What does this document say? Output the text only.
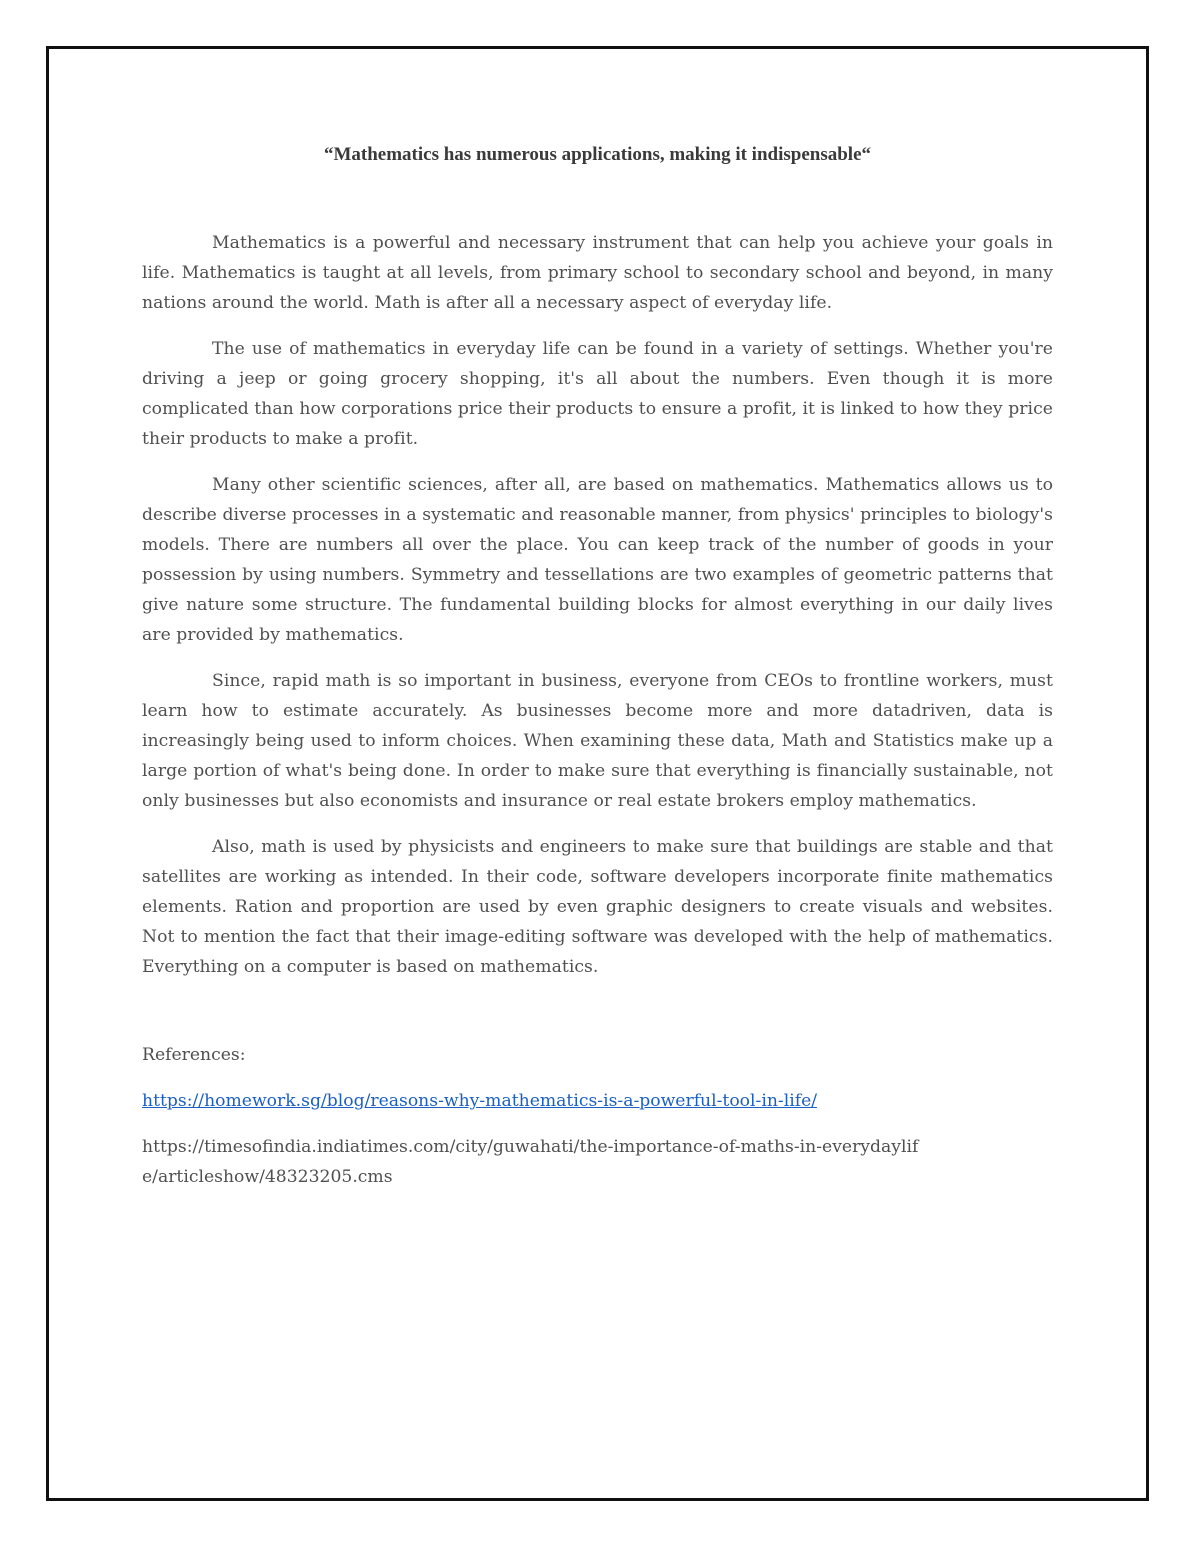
“Mathematics has numerous applications, making it indispensable“

Mathematics is a powerful and necessary instrument that can help you achieve your goals in life. Mathematics is taught at all levels, from primary school to secondary school and beyond, in many nations around the world. Math is after all a necessary aspect of everyday life.

The use of mathematics in everyday life can be found in a variety of settings. Whether you're driving a jeep or going grocery shopping, it's all about the numbers. Even though it is more complicated than how corporations price their products to ensure a profit, it is linked to how they price their products to make a profit.

Many other scientific sciences, after all, are based on mathematics. Mathematics allows us to describe diverse processes in a systematic and reasonable manner, from physics' principles to biology's models. There are numbers all over the place. You can keep track of the number of goods in your possession by using numbers. Symmetry and tessellations are two examples of geometric patterns that give nature some structure. The fundamental building blocks for almost everything in our daily lives are provided by mathematics.

Since, rapid math is so important in business, everyone from CEOs to frontline workers, must learn how to estimate accurately. As businesses become more and more datadriven, data is increasingly being used to inform choices. When examining these data, Math and Statistics make up a large portion of what's being done. In order to make sure that everything is financially sustainable, not only businesses but also economists and insurance or real estate brokers employ mathematics.

Also, math is used by physicists and engineers to make sure that buildings are stable and that satellites are working as intended. In their code, software developers incorporate finite mathematics elements. Ration and proportion are used by even graphic designers to create visuals and websites. Not to mention the fact that their image-editing software was developed with the help of mathematics. Everything on a computer is based on mathematics.

References:

https://homework.sg/blog/reasons-why-mathematics-is-a-powerful-tool-in-life/

https://timesofindia.indiatimes.com/city/guwahati/the-importance-of-maths-in-everydaylife/articleshow/48323205.cms
